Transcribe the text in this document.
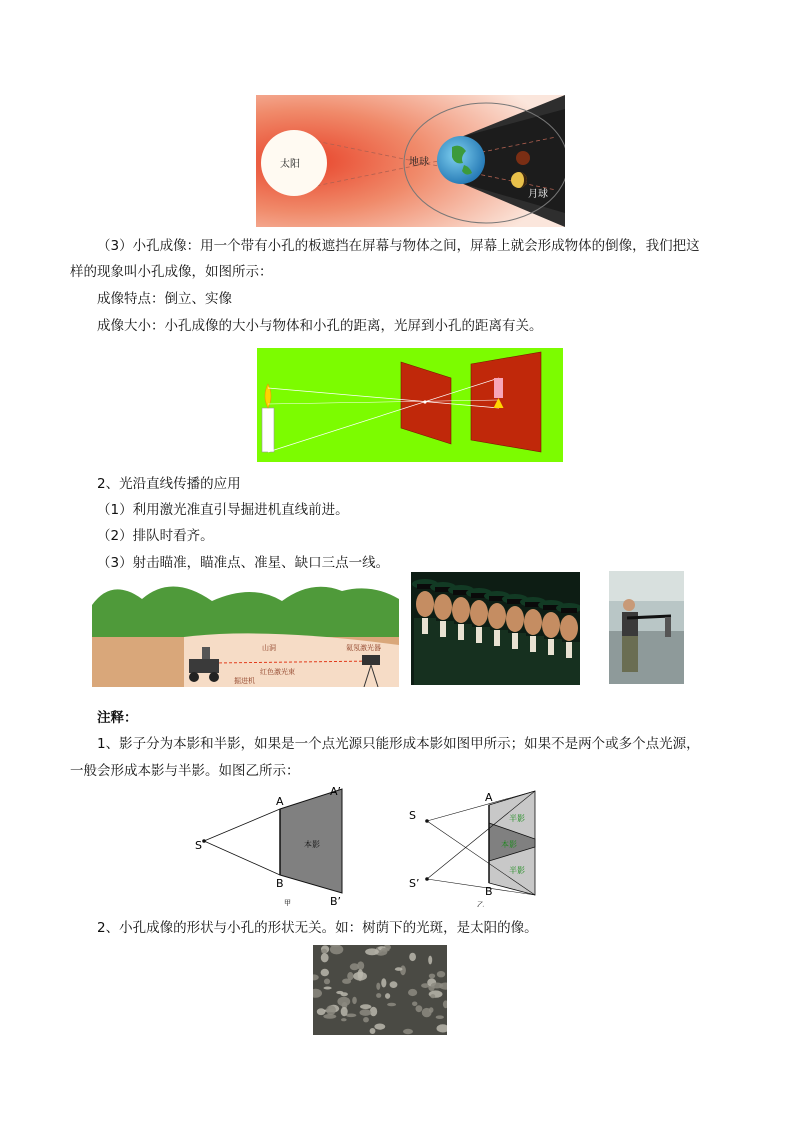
太阳	地球
月球
（3）小孔成像：用一个带有小孔的板遮挡在屏幕与物体之间，屏幕上就会形成物体的倒像，我们把这
样的现象叫小孔成像，如图所示：
成像特点：倒立、实像
成像大小：小孔成像的大小与物体和小孔的距离，光屏到小孔的距离有关。
2、光沿直线传播的应用
（1）利用激光准直引导掘进机直线前进。
（2）排队时看齐。
（3）射击瞄准，瞄准点、准星、缺口三点一线。
山洞
红色激光束
掘进机
氦氖激光器
注释：
1、影子分为本影和半影，如果是一个点光源只能形成本影如图甲所示；如果不是两个或多个点光源，
一般会形成本影与半影。如图乙所示：
S
A
A’
B
B’
本影
甲
S
S’
A
B
半影
本影
半影
乙
2、小孔成像的形状与小孔的形状无关。如：树荫下的光斑，是太阳的像。
